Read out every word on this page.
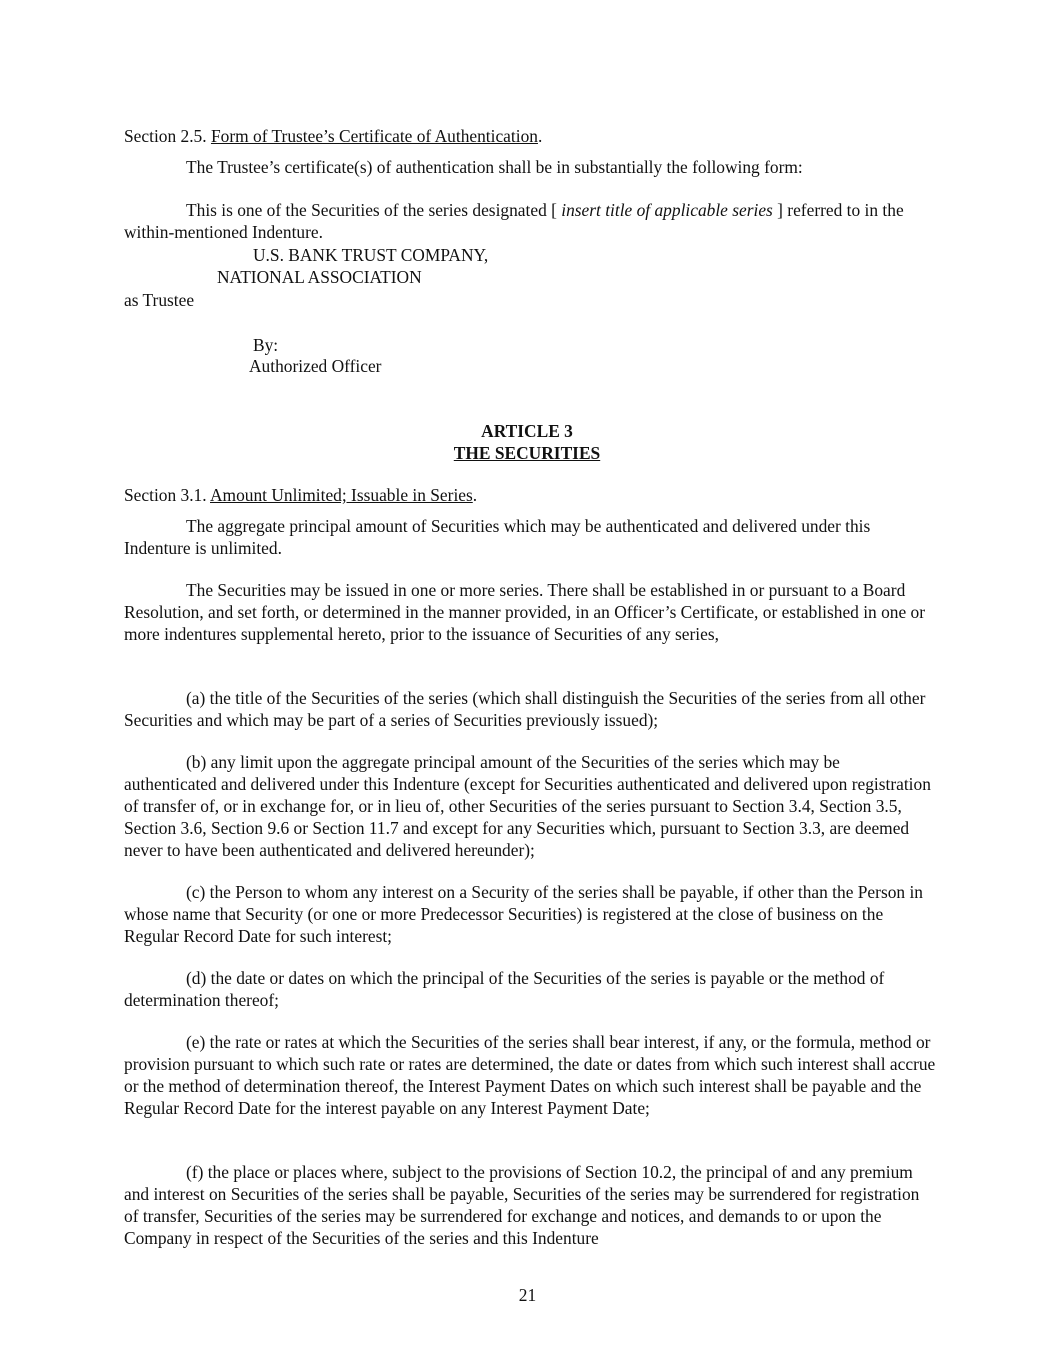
Section 2.5. Form of Trustee’s Certificate of Authentication.

The Trustee’s certificate(s) of authentication shall be in substantially the following form:

This is one of the Securities of the series designated [ insert title of applicable series ] referred to in the within-mentioned Indenture.

U.S. BANK TRUST COMPANY,
NATIONAL ASSOCIATION
as Trustee
By:
Authorized Officer
ARTICLE 3
THE SECURITIES
Section 3.1. Amount Unlimited; Issuable in Series.

The aggregate principal amount of Securities which may be authenticated and delivered under this Indenture is unlimited.

The Securities may be issued in one or more series. There shall be established in or pursuant to a Board Resolution, and set forth, or determined in the manner provided, in an Officer’s Certificate, or established in one or more indentures supplemental hereto, prior to the issuance of Securities of any series,

(a) the title of the Securities of the series (which shall distinguish the Securities of the series from all other Securities and which may be part of a series of Securities previously issued);

(b) any limit upon the aggregate principal amount of the Securities of the series which may be authenticated and delivered under this Indenture (except for Securities authenticated and delivered upon registration of transfer of, or in exchange for, or in lieu of, other Securities of the series pursuant to Section 3.4, Section 3.5, Section 3.6, Section 9.6 or Section 11.7 and except for any Securities which, pursuant to Section 3.3, are deemed never to have been authenticated and delivered hereunder);

(c) the Person to whom any interest on a Security of the series shall be payable, if other than the Person in whose name that Security (or one or more Predecessor Securities) is registered at the close of business on the Regular Record Date for such interest;

(d) the date or dates on which the principal of the Securities of the series is payable or the method of determination thereof;

(e) the rate or rates at which the Securities of the series shall bear interest, if any, or the formula, method or provision pursuant to which such rate or rates are determined, the date or dates from which such interest shall accrue or the method of determination thereof, the Interest Payment Dates on which such interest shall be payable and the Regular Record Date for the interest payable on any Interest Payment Date;

(f) the place or places where, subject to the provisions of Section 10.2, the principal of and any premium and interest on Securities of the series shall be payable, Securities of the series may be surrendered for registration of transfer, Securities of the series may be surrendered for exchange and notices, and demands to or upon the Company in respect of the Securities of the series and this Indenture

21
